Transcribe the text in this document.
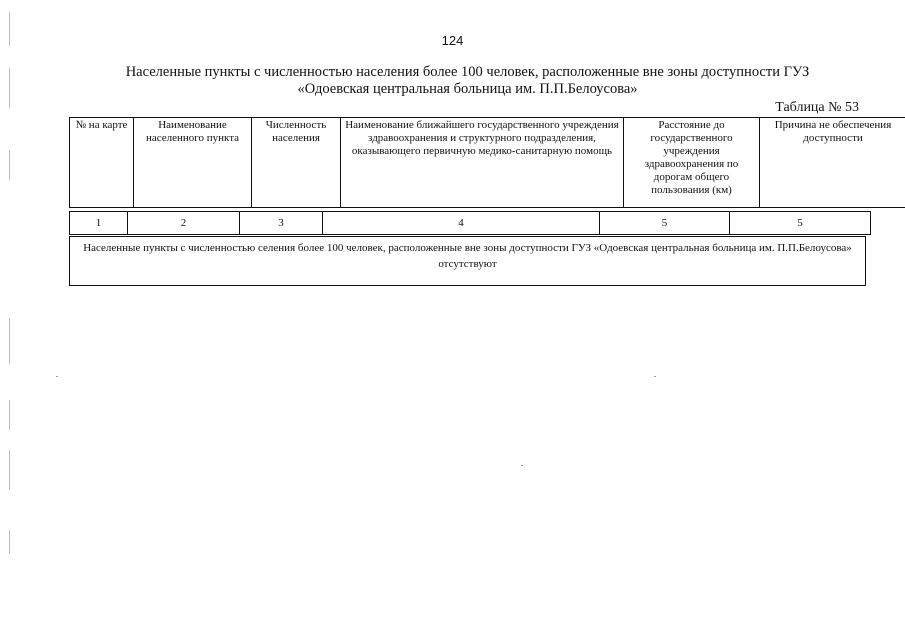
124
Населенные пункты с численностью населения более 100 человек, расположенные вне зоны доступности ГУЗ
«Одоевская центральная больница им. П.П.Белоусова»
Таблица № 53
№ на карте	Наименование населенного пункта	Численность населения	Наименование ближайшего государственного учреждения здравоохранения и структурного подразделения, оказывающего первичную медико-санитарную помощь	Расстояние до государственного учреждения здравоохранения по дорогам общего пользования (км)	Причина не обеспечения доступности
1	2	3	4	5	5
Населенные пункты с численностью селения более 100 человек, расположенные вне зоны доступности ГУЗ «Одоевская центральная больница им. П.П.Белоусова» отсутствуют
